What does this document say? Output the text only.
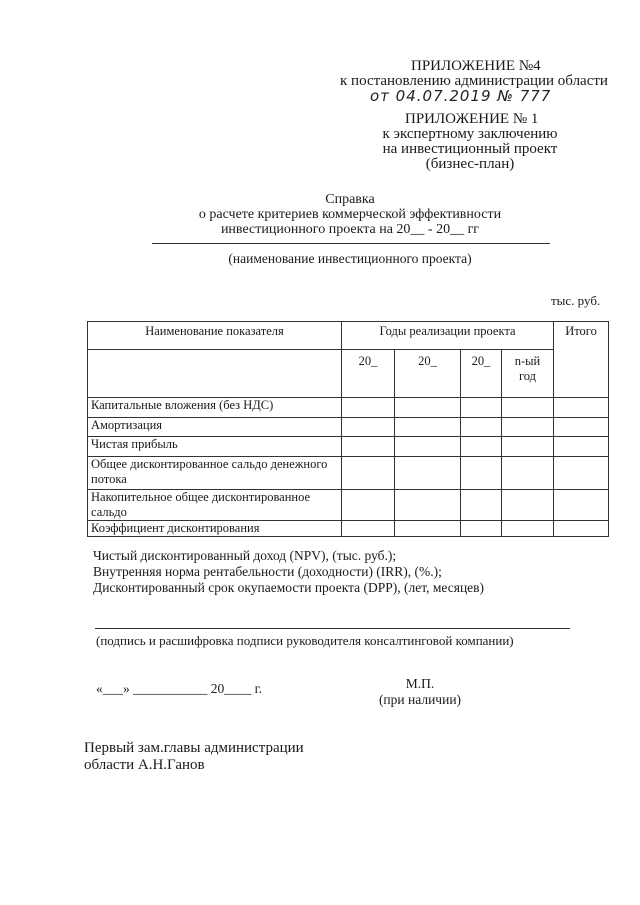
ПРИЛОЖЕНИЕ №4
к постановлению администрации области
от 04.07.2019 № 777
ПРИЛОЖЕНИЕ № 1
к экспертному заключению
на инвестиционный проект
(бизнес-план)
Справка
о расчете критериев коммерческой эффективности
инвестиционного проекта на 20__ - 20__ гг
(наименование инвестиционного проекта)
тыс. руб.
Наименование показателя	Годы реализации проекта				Итого
	20_	20_	20_	n-ый год	
Капитальные вложения (без НДС)					
Амортизация					
Чистая прибыль					
Общее дисконтированное сальдо денежного потока					
Накопительное общее дисконтированное сальдо					
Коэффициент дисконтирования					
Чистый дисконтированный доход (NPV), (тыс. руб.);
Внутренняя норма рентабельности (доходности) (IRR), (%.);
Дисконтированный срок окупаемости проекта (DPP), (лет, месяцев)
(подпись и расшифровка подписи руководителя консалтинговой компании)
«___» ___________ 20____ г.	М.П.
(при наличии)
Первый зам.главы администрации
области А.Н.Ганов
